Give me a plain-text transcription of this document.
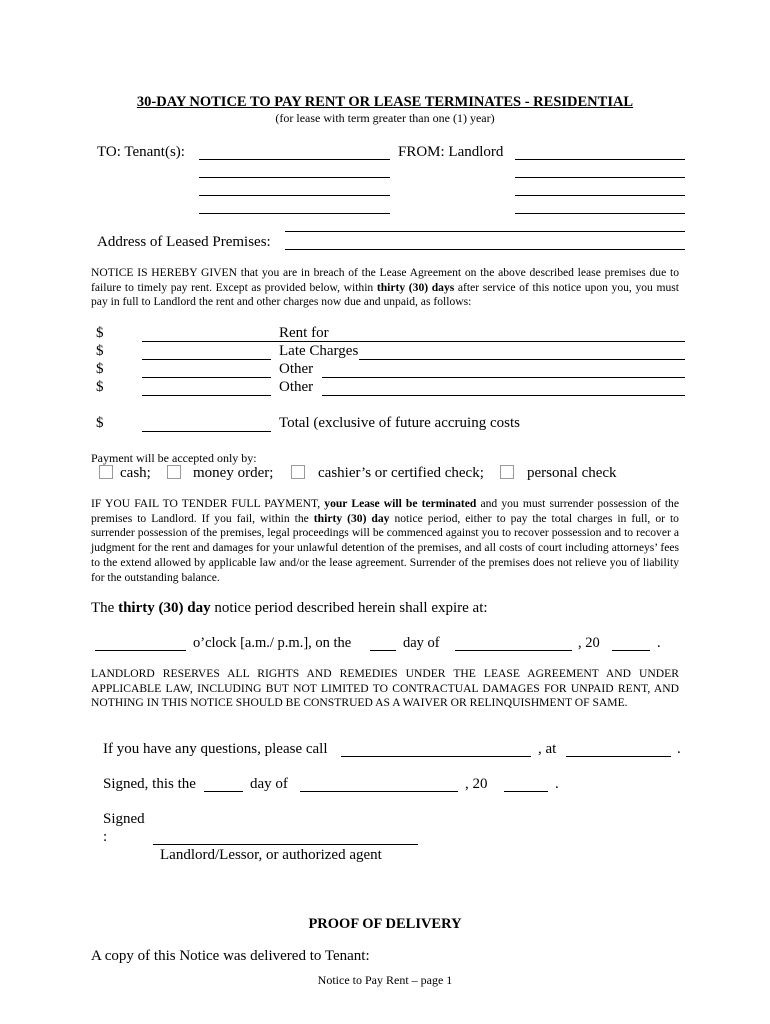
30-DAY NOTICE TO PAY RENT OR LEASE TERMINATES - RESIDENTIAL
(for lease with term greater than one (1) year)
TO: Tenant(s):	FROM: Landlord
Address of Leased Premises:
NOTICE IS HEREBY GIVEN that you are in breach of the Lease Agreement on the above described lease premises due to failure to timely pay rent. Except as provided below, within thirty (30) days after service of this notice upon you, you must pay in full to Landlord the rent and other charges now due and unpaid, as follows:
$	Rent for
$	Late Charges
$	Other
$	Other
$	Total (exclusive of future accruing costs
Payment will be accepted only by:
cash;	money order;	cashier’s or certified check;	personal check
IF YOU FAIL TO TENDER FULL PAYMENT, your Lease will be terminated and you must surrender possession of the premises to Landlord. If you fail, within the thirty (30) day notice period, either to pay the total charges in full, or to surrender possession of the premises, legal proceedings will be commenced against you to recover possession and to recover a judgment for the rent and damages for your unlawful detention of the premises, and all costs of court including attorneys’ fees to the extend allowed by applicable law and/or the lease agreement. Surrender of the premises does not relieve you of liability for the outstanding balance.
The thirty (30) day notice period described herein shall expire at:
o’clock [a.m./ p.m.], on the	day of	, 20	.
LANDLORD RESERVES ALL RIGHTS AND REMEDIES UNDER THE LEASE AGREEMENT AND UNDER APPLICABLE LAW, INCLUDING BUT NOT LIMITED TO CONTRACTUAL DAMAGES FOR UNPAID RENT, AND NOTHING IN THIS NOTICE SHOULD BE CONSTRUED AS A WAIVER OR RELINQUISHMENT OF SAME.
If you have any questions, please call	, at	.
Signed, this the	day of	, 20	.
Signed
:
Landlord/Lessor, or authorized agent
PROOF OF DELIVERY
A copy of this Notice was delivered to Tenant:
Notice to Pay Rent – page 1
